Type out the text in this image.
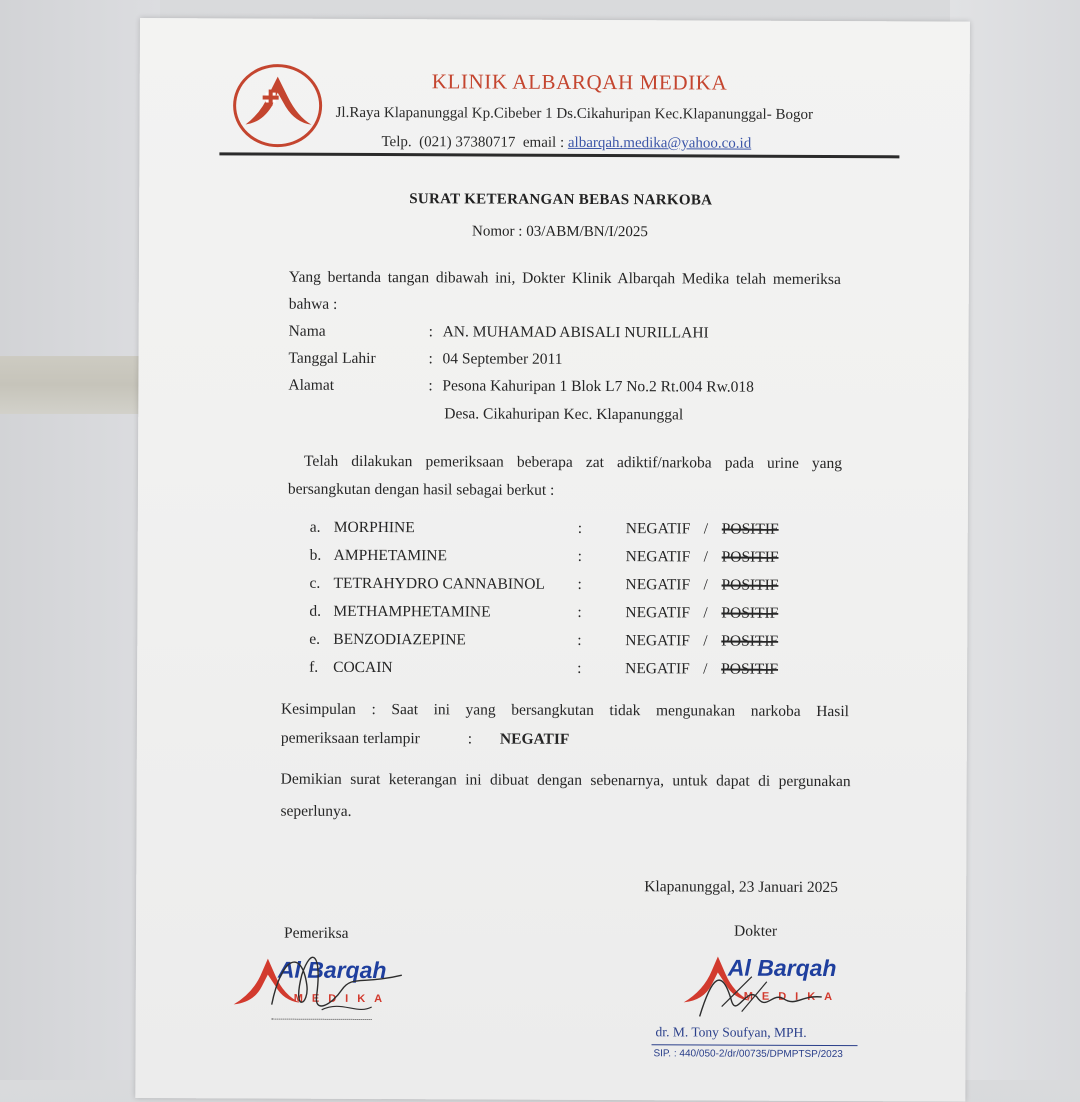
KLINIK ALBARQAH MEDIKA
Jl.Raya Klapanunggal Kp.Cibeber 1 Ds.Cikahuripan Kec.Klapanunggal- Bogor
Telp. (021) 37380717 email : albarqah.medika@yahoo.co.id
SURAT KETERANGAN BEBAS NARKOBA
Nomor : 03/ABM/BN/I/2025
Yang bertanda tangan dibawah ini, Dokter Klinik Albarqah Medika telah memeriksa
bahwa :
Nama	: AN. MUHAMAD ABISALI NURILLAHI
Tanggal Lahir	: 04 September 2011
Alamat	: Pesona Kahuripan 1 Blok L7 No.2 Rt.004 Rw.018
Desa. Cikahuripan Kec. Klapanunggal
Telah dilakukan pemeriksaan beberapa zat adiktif/narkoba pada urine yang
bersangkutan dengan hasil sebagai berkut :
a. MORPHINE	:	NEGATIF / POSITIF
b. AMPHETAMINE	:	NEGATIF / POSITIF
c. TETRAHYDRO CANNABINOL :	NEGATIF / POSITIF
d. METHAMPHETAMINE	:	NEGATIF / POSITIF
e. BENZODIAZEPINE	:	NEGATIF / POSITIF
f. COCAIN	:	NEGATIF / POSITIF
Kesimpulan : Saat ini yang bersangkutan tidak mengunakan narkoba Hasil
pemeriksaan terlampir	: NEGATIF
Demikian surat keterangan ini dibuat dengan sebenarnya, untuk dapat di pergunakan
seperlunya.
Klapanunggal, 23 Januari 2025
Pemeriksa	Dokter
Al Barqah
MEDIKA
Al Barqah
MEDIKA
dr. M. Tony Soufyan, MPH.
SIP. : 440/050-2/dr/00735/DPMPTSP/2023
